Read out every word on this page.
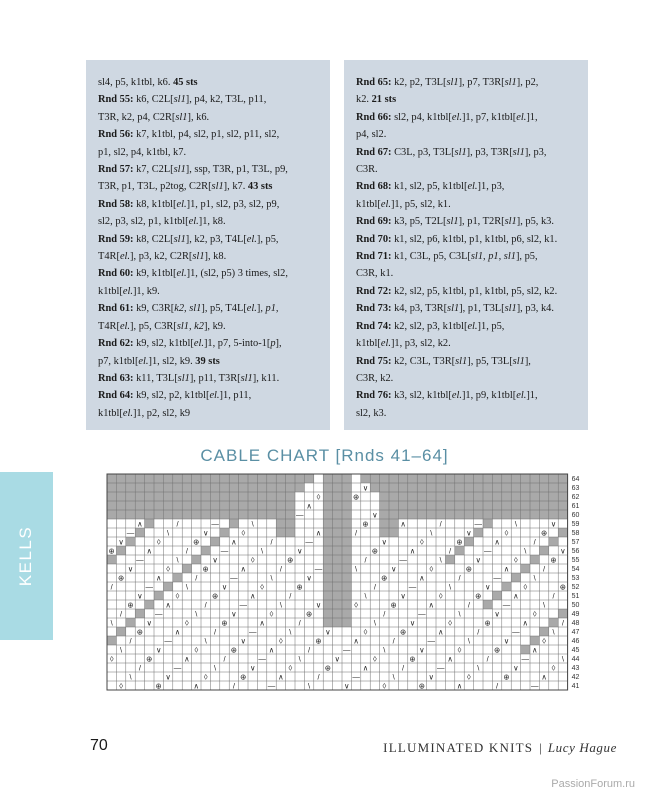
sl4, p5, k1tbl, k6. 45 sts
Rnd 55: k6, C2L[sl1], p4, k2, T3L, p11,
T3R, k2, p4, C2R[sl1], k6.
Rnd 56: k7, k1tbl, p4, sl2, p1, sl2, p11, sl2,
p1, sl2, p4, k1tbl, k7.
Rnd 57: k7, C2L[sl1], ssp, T3R, p1, T3L, p9,
T3R, p1, T3L, p2tog, C2R[sl1], k7. 43 sts
Rnd 58: k8, k1tbl[el.]1, p1, sl2, p3, sl2, p9,
sl2, p3, sl2, p1, k1tbl[el.]1, k8.
Rnd 59: k8, C2L[sl1], k2, p3, T4L[el.], p5,
T4R[el.], p3, k2, C2R[sl1], k8.
Rnd 60: k9, k1tbl[el.]1, (sl2, p5) 3 times, sl2,
k1tbl[el.]1, k9.
Rnd 61: k9, C3R[k2, sl1], p5, T4L[el.], p1,
T4R[el.], p5, C3R[sl1, k2], k9.
Rnd 62: k9, sl2, k1tbl[el.]1, p7, 5-into-1[p],
p7, k1tbl[el.]1, sl2, k9. 39 sts
Rnd 63: k11, T3L[sl1], p11, T3R[sl1], k11.
Rnd 64: k9, sl2, p2, k1tbl[el.]1, p11,
k1tbl[el.]1, p2, sl2, k9
Rnd 65: k2, p2, T3L[sl1], p7, T3R[sl1], p2,
k2. 21 sts
Rnd 66: sl2, p4, k1tbl[el.]1, p7, k1tbl[el.]1,
p4, sl2.
Rnd 67: C3L, p3, T3L[sl1], p3, T3R[sl1], p3,
C3R.
Rnd 68: k1, sl2, p5, k1tbl[el.]1, p3,
k1tbl[el.]1, p5, sl2, k1.
Rnd 69: k3, p5, T2L[sl1], p1, T2R[sl1], p5, k3.
Rnd 70: k1, sl2, p6, k1tbl, p1, k1tbl, p6, sl2, k1.
Rnd 71: k1, C3L, p5, C3L[sl1, p1, sl1], p5,
C3R, k1.
Rnd 72: k2, sl2, p5, k1tbl, p1, k1tbl, p5, sl2, k2.
Rnd 73: k4, p3, T3R[sl1], p1, T3L[sl1], p3, k4.
Rnd 74: k2, sl2, p3, k1tbl[el.]1, p5,
k1tbl[el.]1, p3, sl2, k2.
Rnd 75: k2, C3L, T3R[sl1], p5, T3L[sl1],
C3R, k2.
Rnd 76: k3, sl2, k1tbl[el.]1, p9, k1tbl[el.]1,
sl2, k3.
KELLS
CABLE CHART [Rnds 41–64]
∨
◊	⊕
∧
—	∨
∧	/	—	\	⊕	∧	/	—	\	∨
—	\	∨	◊	∧	/	\	∨	◊	⊕
∨	◊	⊕	∧	/	—	∨	◊	⊕	∧	/
⊕	∧	/	—	\	∨	⊕	∧	/	—	\	∨
—	\	∨	◊	⊕	/	—	\	∨	◊	⊕
∨	◊	⊕	∧	/	—	\	∨	◊	⊕	∧	/
⊕	∧	/	—	\	∨	⊕	∧	/	—	\
/	—	\	∨	◊	⊕	/	—	\	∨	◊	⊕
∨	◊	⊕	∧	/	\	∨	◊	⊕	∧	/
⊕	∧	/	—	\	∨	◊	⊕	∧	/	—	\
/	—	\	∨	◊	⊕	/	—	\	∨	◊
\	∨	◊	⊕	∧	/	\	∨	◊	⊕	∧	/
⊕	∧	/	—	\	∨	◊	⊕	∧	/	—	\
/	—	\	∨	◊	⊕	∧	/	—	\	∨	◊
\	∨	◊	⊕	∧	/	—	\	∨	◊	⊕	∧
◊	⊕	∧	/	—	\	∨	◊	⊕	∧	/	—	\
/	—	\	∨	◊	⊕	∧	/	—	\	∨	◊
\	∨	◊	⊕	∧	/	—	\	∨	◊	⊕	∧
◊	⊕	∧	/	—	\	∨	◊	⊕	∧	/	—
64
63
62
61
60
59
58
57
56
55
54
53
52
51
50
49
48
47
46
45
44
43
42
41
70	ILLUMINATED KNITS | Lucy Hague
PassionForum.ru
